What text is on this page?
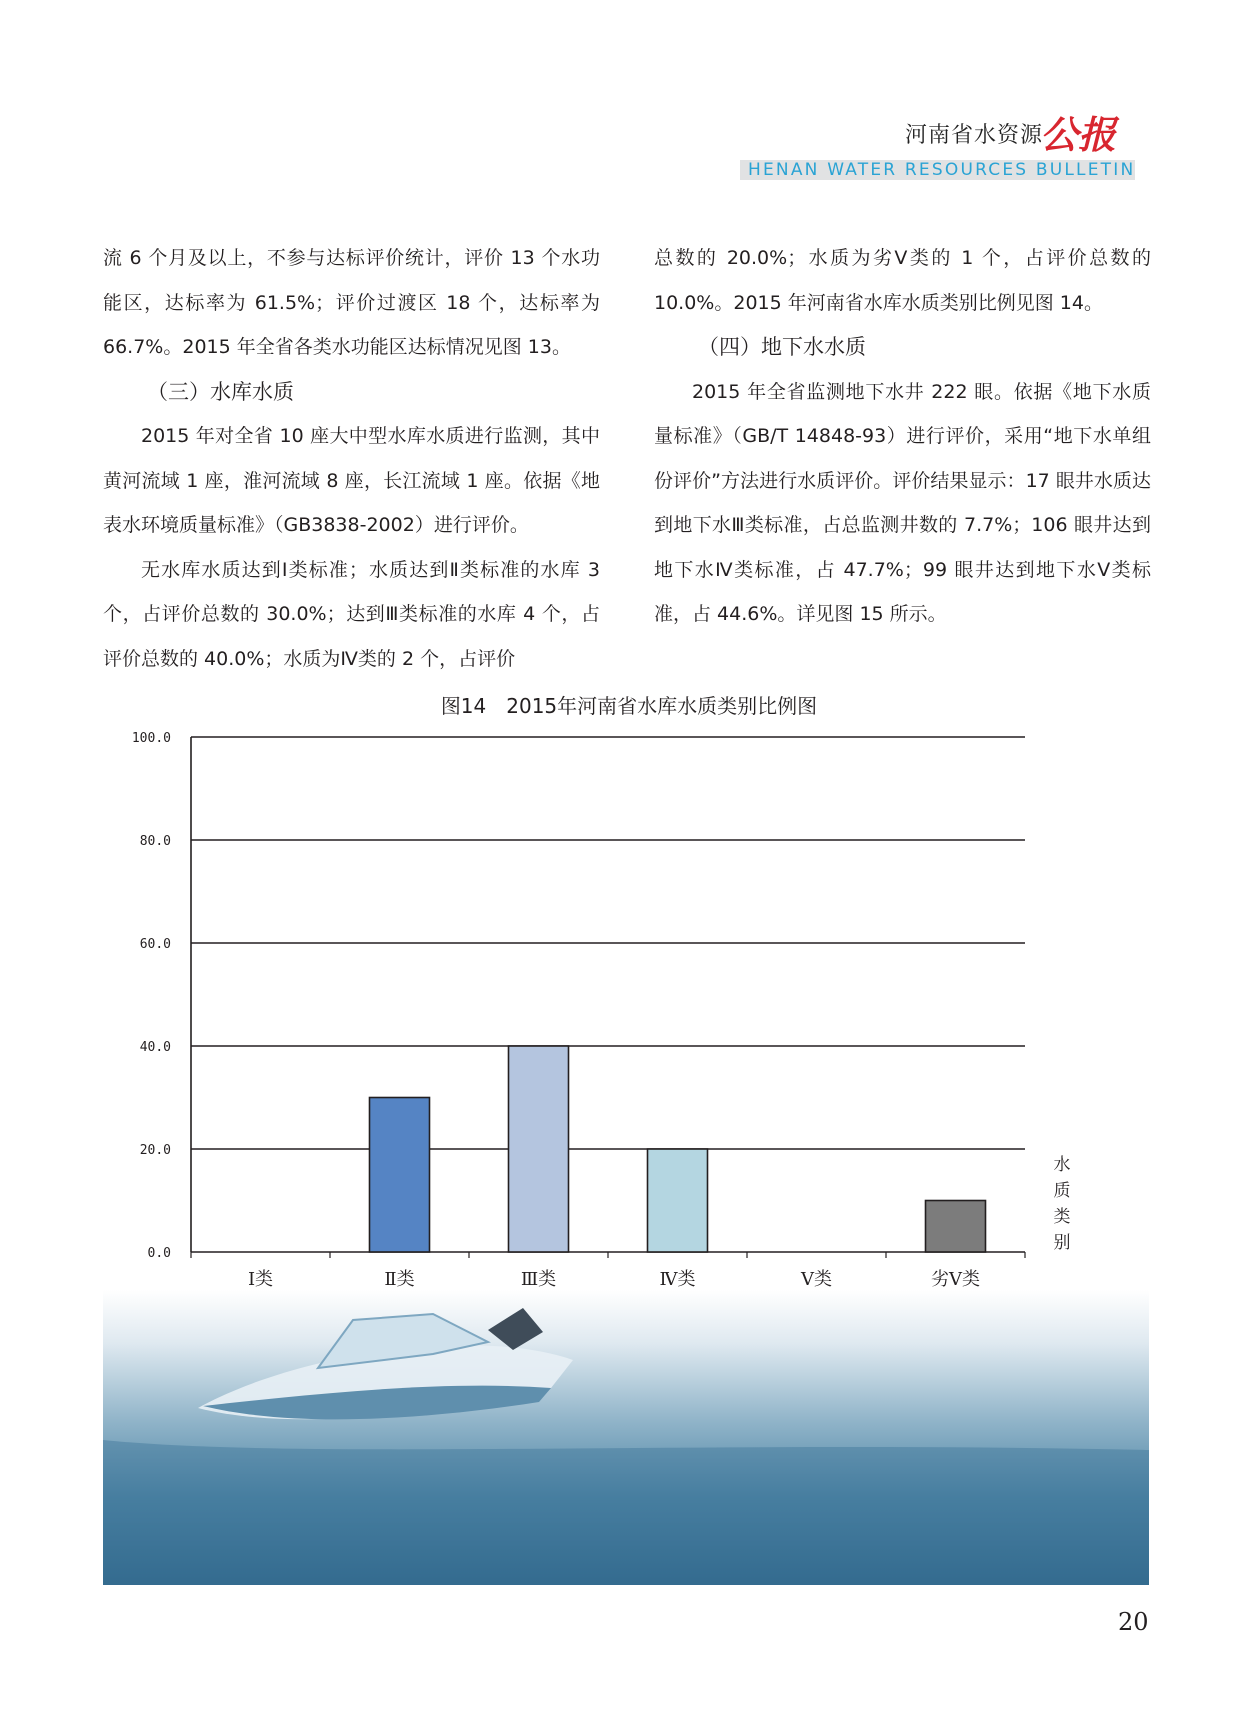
河南省水资源
公报
HENAN WATER RESOURCES BULLETIN

流 6 个月及以上，不参与达标评价统计，评价 13 个水功能区，达标率为 61.5%；评价过渡区 18 个，达标率为 66.7%。2015 年全省各类水功能区达标情况见图 13。

（三）水库水质

2015 年对全省 10 座大中型水库水质进行监测，其中黄河流域 1 座，淮河流域 8 座，长江流域 1 座。依据《地表水环境质量标准》（GB3838-2002）进行评价。

无水库水质达到Ⅰ类标准；水质达到Ⅱ类标准的水库 3 个，占评价总数的 30.0%；达到Ⅲ类标准的水库 4 个，占评价总数的 40.0%；水质为Ⅳ类的 2 个，占评价

总数的 20.0%；水质为劣Ⅴ类的 1 个，占评价总数的 10.0%。2015 年河南省水库水质类别比例见图 14。

（四）地下水水质

2015 年全省监测地下水井 222 眼。依据《地下水质量标准》（GB/T 14848-93）进行评价，采用“地下水单组份评价”方法进行水质评价。评价结果显示：17 眼井水质达到地下水Ⅲ类标准，占总监测井数的 7.7%；106 眼井达到地下水Ⅳ类标准，占 47.7%；99 眼井达到地下水Ⅴ类标准，占 44.6%。详见图 15 所示。

图14　2015年河南省水库水质类别比例图
0.0
20.0
40.0
60.0
80.0
100.0
Ⅰ类	Ⅱ类	Ⅲ类	Ⅳ类	Ⅴ类	劣Ⅴ类
水
质
类
别
20
